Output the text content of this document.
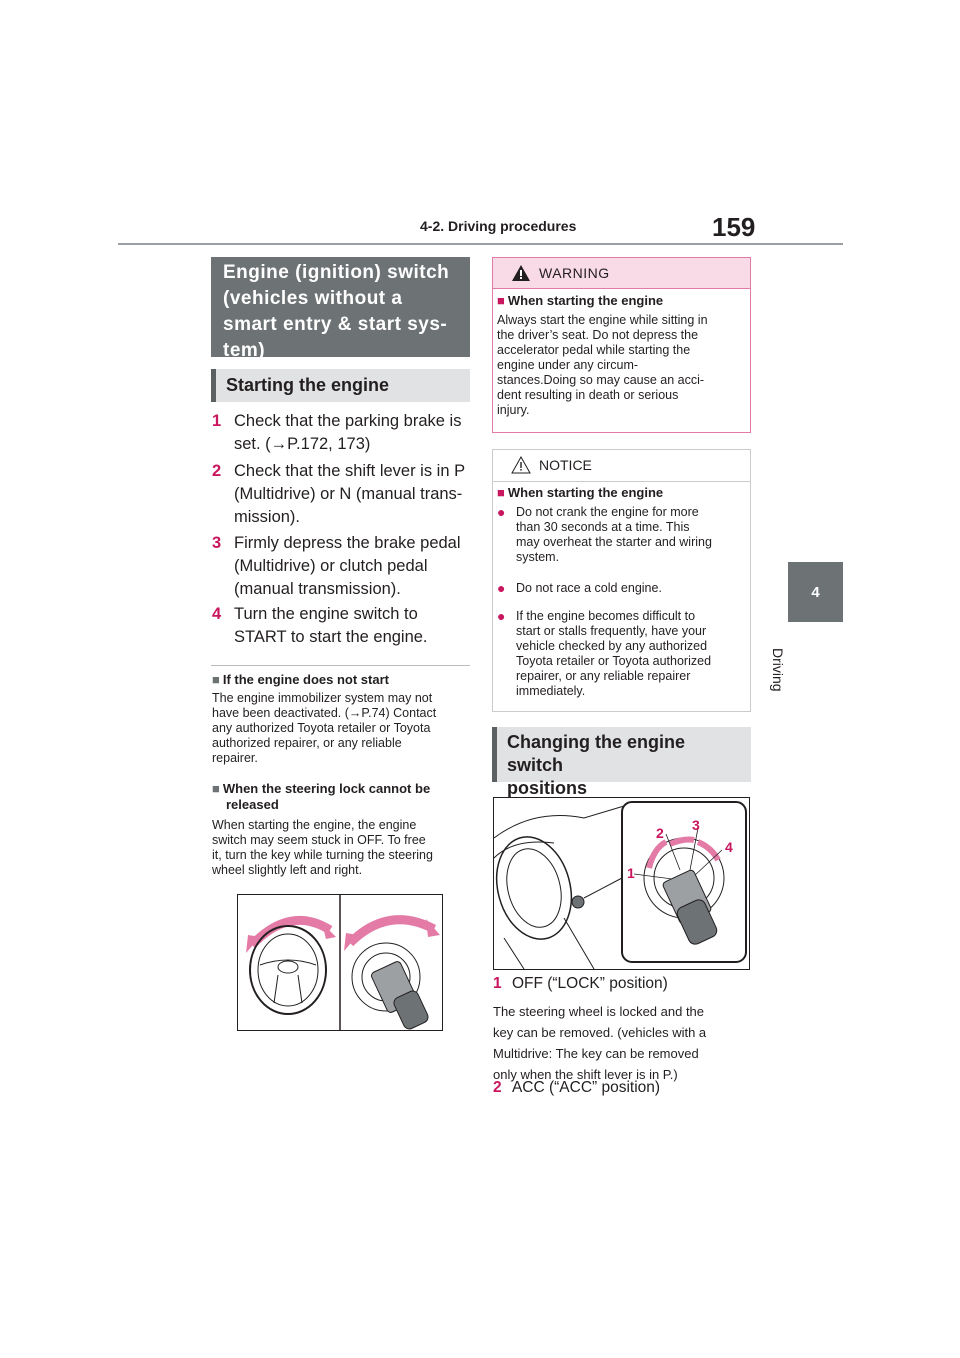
4-2. Driving procedures	159
4
Driving
Engine (ignition) switch
(vehicles without a
smart entry & start sys-
tem)
Starting the engine
1 Check that the parking brake is
set. (→P.172, 173)
2 Check that the shift lever is in P
(Multidrive) or N (manual trans-
mission).
3 Firmly depress the brake pedal
(Multidrive) or clutch pedal
(manual transmission).
4 Turn the engine switch to
START to start the engine.
■ If the engine does not start
The engine immobilizer system may not
have been deactivated. (→P.74) Contact
any authorized Toyota retailer or Toyota
authorized repairer, or any reliable
repairer.
■ When the steering lock cannot be
released
When starting the engine, the engine
switch may seem stuck in OFF. To free
it, turn the key while turning the steering
wheel slightly left and right.
WARNING
■ When starting the engine
Always start the engine while sitting in
the driver’s seat. Do not depress the
accelerator pedal while starting the
engine under any circum-
stances.Doing so may cause an acci-
dent resulting in death or serious
injury.
NOTICE
■ When starting the engine
● Do not crank the engine for more
than 30 seconds at a time. This
may overheat the starter and wiring
system.
● Do not race a cold engine.
● If the engine becomes difficult to
start or stalls frequently, have your
vehicle checked by any authorized
Toyota retailer or Toyota authorized
repairer, or any reliable repairer
immediately.
Changing the engine switch
positions
1
2 3
4
1 OFF (“LOCK” position)
The steering wheel is locked and the
key can be removed. (vehicles with a
Multidrive: The key can be removed
only when the shift lever is in P.)
2 ACC (“ACC” position)
